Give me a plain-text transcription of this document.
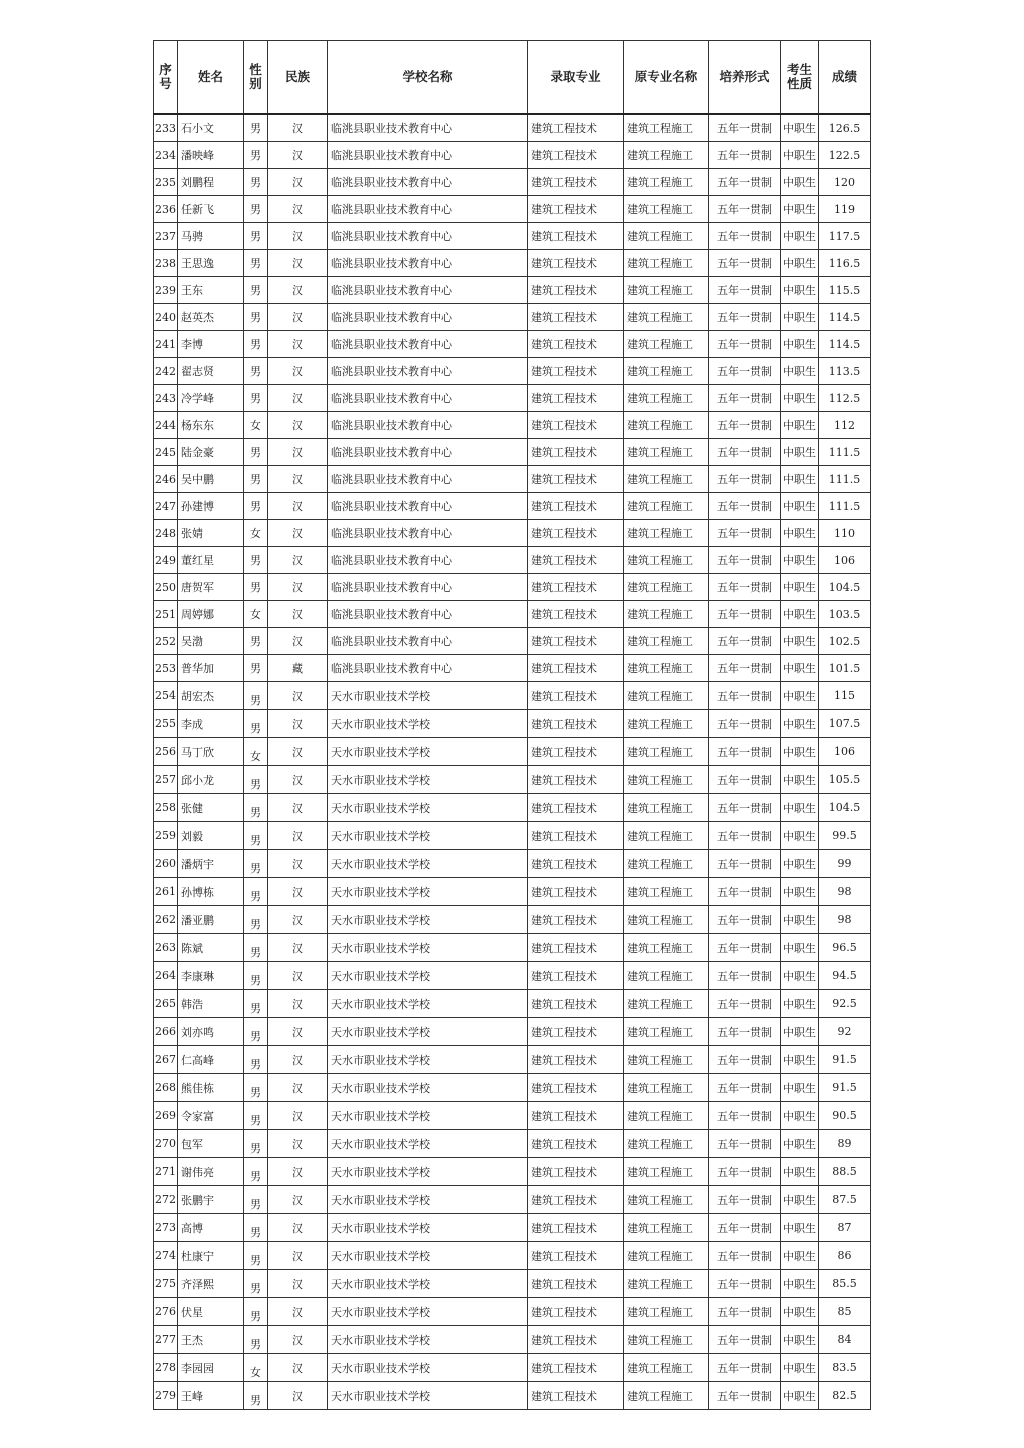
序 号	姓名	性 别	民族	学校名称	录取专业	原专业名称	培养形式	考生 性质	成绩
233	石小文	男	汉	临洮县职业技术教育中心	建筑工程技术	建筑工程施工	五年一贯制	中职生	126.5
234	潘映峰	男	汉	临洮县职业技术教育中心	建筑工程技术	建筑工程施工	五年一贯制	中职生	122.5
235	刘鹏程	男	汉	临洮县职业技术教育中心	建筑工程技术	建筑工程施工	五年一贯制	中职生	120
236	任新飞	男	汉	临洮县职业技术教育中心	建筑工程技术	建筑工程施工	五年一贯制	中职生	119
237	马骋	男	汉	临洮县职业技术教育中心	建筑工程技术	建筑工程施工	五年一贯制	中职生	117.5
238	王思逸	男	汉	临洮县职业技术教育中心	建筑工程技术	建筑工程施工	五年一贯制	中职生	116.5
239	王东	男	汉	临洮县职业技术教育中心	建筑工程技术	建筑工程施工	五年一贯制	中职生	115.5
240	赵英杰	男	汉	临洮县职业技术教育中心	建筑工程技术	建筑工程施工	五年一贯制	中职生	114.5
241	李博	男	汉	临洮县职业技术教育中心	建筑工程技术	建筑工程施工	五年一贯制	中职生	114.5
242	翟志贤	男	汉	临洮县职业技术教育中心	建筑工程技术	建筑工程施工	五年一贯制	中职生	113.5
243	冷学峰	男	汉	临洮县职业技术教育中心	建筑工程技术	建筑工程施工	五年一贯制	中职生	112.5
244	杨东东	女	汉	临洮县职业技术教育中心	建筑工程技术	建筑工程施工	五年一贯制	中职生	112
245	陆金豪	男	汉	临洮县职业技术教育中心	建筑工程技术	建筑工程施工	五年一贯制	中职生	111.5
246	吴中鹏	男	汉	临洮县职业技术教育中心	建筑工程技术	建筑工程施工	五年一贯制	中职生	111.5
247	孙建博	男	汉	临洮县职业技术教育中心	建筑工程技术	建筑工程施工	五年一贯制	中职生	111.5
248	张婧	女	汉	临洮县职业技术教育中心	建筑工程技术	建筑工程施工	五年一贯制	中职生	110
249	董红星	男	汉	临洮县职业技术教育中心	建筑工程技术	建筑工程施工	五年一贯制	中职生	106
250	唐贺军	男	汉	临洮县职业技术教育中心	建筑工程技术	建筑工程施工	五年一贯制	中职生	104.5
251	周婷娜	女	汉	临洮县职业技术教育中心	建筑工程技术	建筑工程施工	五年一贯制	中职生	103.5
252	吴渤	男	汉	临洮县职业技术教育中心	建筑工程技术	建筑工程施工	五年一贯制	中职生	102.5
253	普华加	男	藏	临洮县职业技术教育中心	建筑工程技术	建筑工程施工	五年一贯制	中职生	101.5
254	胡宏杰	男	汉	天水市职业技术学校	建筑工程技术	建筑工程施工	五年一贯制	中职生	115
255	李成	男	汉	天水市职业技术学校	建筑工程技术	建筑工程施工	五年一贯制	中职生	107.5
256	马丁欣	女	汉	天水市职业技术学校	建筑工程技术	建筑工程施工	五年一贯制	中职生	106
257	邱小龙	男	汉	天水市职业技术学校	建筑工程技术	建筑工程施工	五年一贯制	中职生	105.5
258	张健	男	汉	天水市职业技术学校	建筑工程技术	建筑工程施工	五年一贯制	中职生	104.5
259	刘毅	男	汉	天水市职业技术学校	建筑工程技术	建筑工程施工	五年一贯制	中职生	99.5
260	潘炳宇	男	汉	天水市职业技术学校	建筑工程技术	建筑工程施工	五年一贯制	中职生	99
261	孙博栋	男	汉	天水市职业技术学校	建筑工程技术	建筑工程施工	五年一贯制	中职生	98
262	潘亚鹏	男	汉	天水市职业技术学校	建筑工程技术	建筑工程施工	五年一贯制	中职生	98
263	陈斌	男	汉	天水市职业技术学校	建筑工程技术	建筑工程施工	五年一贯制	中职生	96.5
264	李康琳	男	汉	天水市职业技术学校	建筑工程技术	建筑工程施工	五年一贯制	中职生	94.5
265	韩浩	男	汉	天水市职业技术学校	建筑工程技术	建筑工程施工	五年一贯制	中职生	92.5
266	刘亦鸣	男	汉	天水市职业技术学校	建筑工程技术	建筑工程施工	五年一贯制	中职生	92
267	仁高峰	男	汉	天水市职业技术学校	建筑工程技术	建筑工程施工	五年一贯制	中职生	91.5
268	熊佳栋	男	汉	天水市职业技术学校	建筑工程技术	建筑工程施工	五年一贯制	中职生	91.5
269	令家富	男	汉	天水市职业技术学校	建筑工程技术	建筑工程施工	五年一贯制	中职生	90.5
270	包军	男	汉	天水市职业技术学校	建筑工程技术	建筑工程施工	五年一贯制	中职生	89
271	谢伟亮	男	汉	天水市职业技术学校	建筑工程技术	建筑工程施工	五年一贯制	中职生	88.5
272	张鹏宇	男	汉	天水市职业技术学校	建筑工程技术	建筑工程施工	五年一贯制	中职生	87.5
273	高博	男	汉	天水市职业技术学校	建筑工程技术	建筑工程施工	五年一贯制	中职生	87
274	杜康宁	男	汉	天水市职业技术学校	建筑工程技术	建筑工程施工	五年一贯制	中职生	86
275	齐泽熙	男	汉	天水市职业技术学校	建筑工程技术	建筑工程施工	五年一贯制	中职生	85.5
276	伏星	男	汉	天水市职业技术学校	建筑工程技术	建筑工程施工	五年一贯制	中职生	85
277	王杰	男	汉	天水市职业技术学校	建筑工程技术	建筑工程施工	五年一贯制	中职生	84
278	李园园	女	汉	天水市职业技术学校	建筑工程技术	建筑工程施工	五年一贯制	中职生	83.5
279	王峰	男	汉	天水市职业技术学校	建筑工程技术	建筑工程施工	五年一贯制	中职生	82.5
